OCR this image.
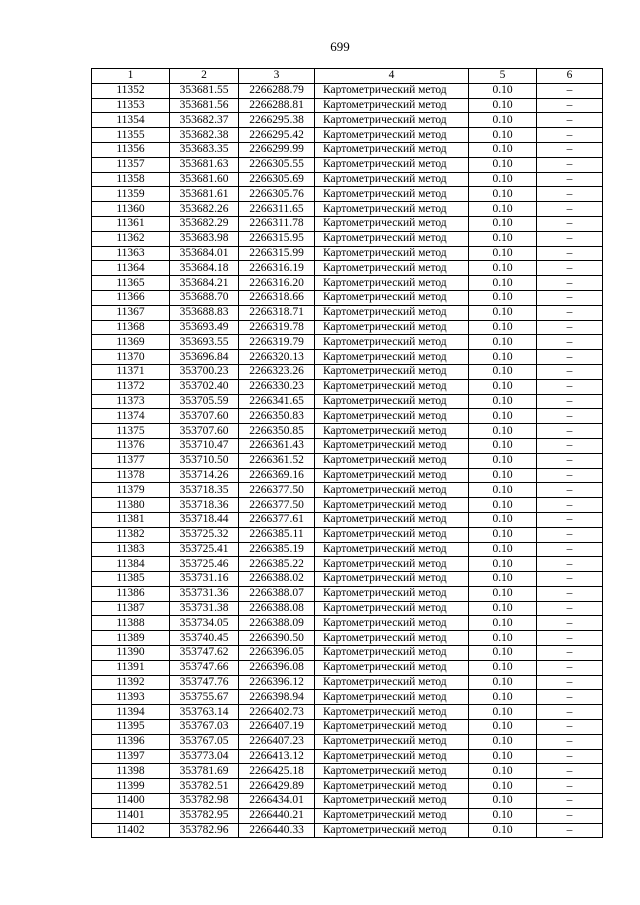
699
1	2	3	4	5	6
11352	353681.55	2266288.79	Картометрический метод	0.10	–
11353	353681.56	2266288.81	Картометрический метод	0.10	–
11354	353682.37	2266295.38	Картометрический метод	0.10	–
11355	353682.38	2266295.42	Картометрический метод	0.10	–
11356	353683.35	2266299.99	Картометрический метод	0.10	–
11357	353681.63	2266305.55	Картометрический метод	0.10	–
11358	353681.60	2266305.69	Картометрический метод	0.10	–
11359	353681.61	2266305.76	Картометрический метод	0.10	–
11360	353682.26	2266311.65	Картометрический метод	0.10	–
11361	353682.29	2266311.78	Картометрический метод	0.10	–
11362	353683.98	2266315.95	Картометрический метод	0.10	–
11363	353684.01	2266315.99	Картометрический метод	0.10	–
11364	353684.18	2266316.19	Картометрический метод	0.10	–
11365	353684.21	2266316.20	Картометрический метод	0.10	–
11366	353688.70	2266318.66	Картометрический метод	0.10	–
11367	353688.83	2266318.71	Картометрический метод	0.10	–
11368	353693.49	2266319.78	Картометрический метод	0.10	–
11369	353693.55	2266319.79	Картометрический метод	0.10	–
11370	353696.84	2266320.13	Картометрический метод	0.10	–
11371	353700.23	2266323.26	Картометрический метод	0.10	–
11372	353702.40	2266330.23	Картометрический метод	0.10	–
11373	353705.59	2266341.65	Картометрический метод	0.10	–
11374	353707.60	2266350.83	Картометрический метод	0.10	–
11375	353707.60	2266350.85	Картометрический метод	0.10	–
11376	353710.47	2266361.43	Картометрический метод	0.10	–
11377	353710.50	2266361.52	Картометрический метод	0.10	–
11378	353714.26	2266369.16	Картометрический метод	0.10	–
11379	353718.35	2266377.50	Картометрический метод	0.10	–
11380	353718.36	2266377.50	Картометрический метод	0.10	–
11381	353718.44	2266377.61	Картометрический метод	0.10	–
11382	353725.32	2266385.11	Картометрический метод	0.10	–
11383	353725.41	2266385.19	Картометрический метод	0.10	–
11384	353725.46	2266385.22	Картометрический метод	0.10	–
11385	353731.16	2266388.02	Картометрический метод	0.10	–
11386	353731.36	2266388.07	Картометрический метод	0.10	–
11387	353731.38	2266388.08	Картометрический метод	0.10	–
11388	353734.05	2266388.09	Картометрический метод	0.10	–
11389	353740.45	2266390.50	Картометрический метод	0.10	–
11390	353747.62	2266396.05	Картометрический метод	0.10	–
11391	353747.66	2266396.08	Картометрический метод	0.10	–
11392	353747.76	2266396.12	Картометрический метод	0.10	–
11393	353755.67	2266398.94	Картометрический метод	0.10	–
11394	353763.14	2266402.73	Картометрический метод	0.10	–
11395	353767.03	2266407.19	Картометрический метод	0.10	–
11396	353767.05	2266407.23	Картометрический метод	0.10	–
11397	353773.04	2266413.12	Картометрический метод	0.10	–
11398	353781.69	2266425.18	Картометрический метод	0.10	–
11399	353782.51	2266429.89	Картометрический метод	0.10	–
11400	353782.98	2266434.01	Картометрический метод	0.10	–
11401	353782.95	2266440.21	Картометрический метод	0.10	–
11402	353782.96	2266440.33	Картометрический метод	0.10	–
